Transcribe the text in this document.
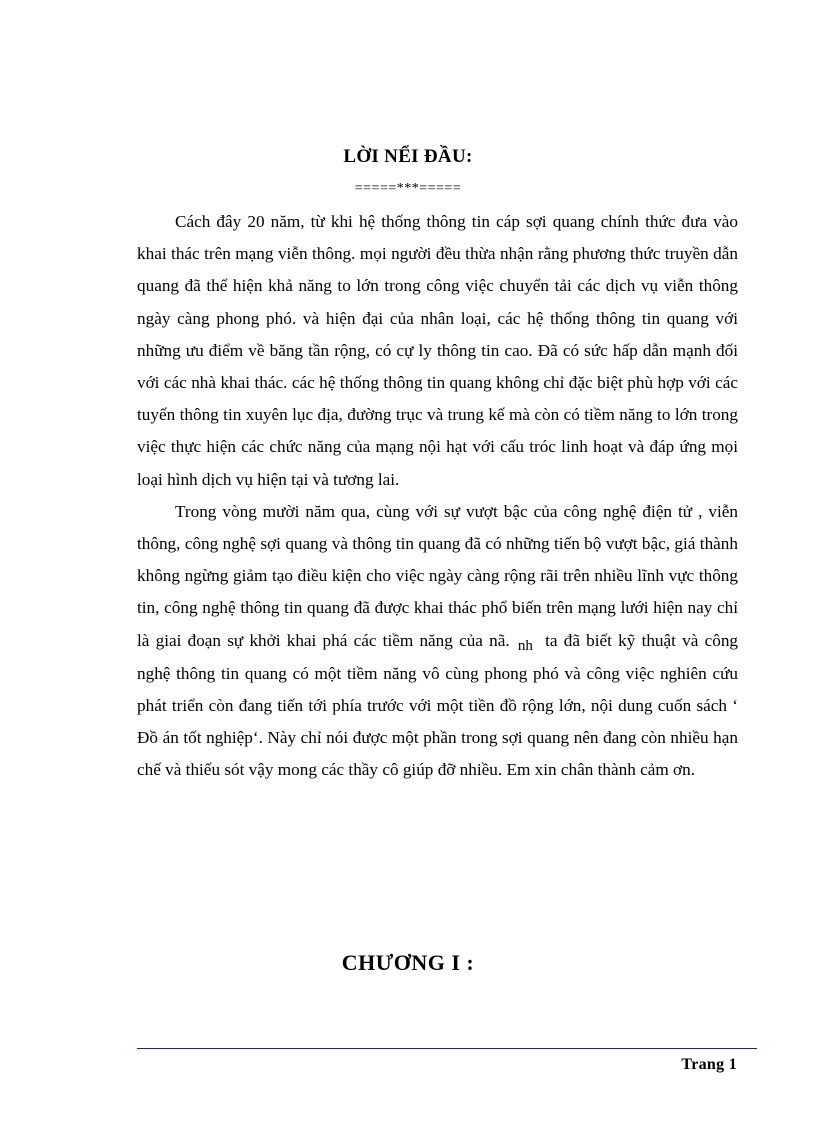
LỜI NỂI ĐẦU:
=====***=====

Cách đây 20 năm, từ khi hệ thống thông tin cáp sợi quang chính thức đưa vào khai thác trên mạng viễn thông. mọi người đều thừa nhận rằng phương thức truyền dẫn quang đã thể hiện khả năng to lớn trong công việc chuyển tải các dịch vụ viễn thông ngày càng phong phó. và hiện đại của nhân loại, các hệ thống thông tin quang với những ưu điểm về băng tần rộng, có cự ly thông tin cao. Đã có sức hấp dẫn mạnh đối với các nhà khai thác. các hệ thống thông tin quang không chỉ đặc biệt phù hợp với các tuyến thông tin xuyên lục địa, đường trục và trung kế mà còn có tiềm năng to lớn trong việc thực hiện các chức năng của mạng nội hạt với cấu tróc linh hoạt và đáp ứng mọi loại hình dịch vụ hiện tại và tương lai.

Trong vòng mười năm qua, cùng với sự vượt bậc của công nghệ điện tử , viễn thông, công nghệ sợi quang và thông tin quang đã có những tiến bộ vượt bậc, giá thành không ngừng giảm tạo điều kiện cho việc ngày càng rộng rãi trên nhiều lĩnh vực thông tin, công nghệ thông tin quang đã được khai thác phổ biến trên mạng lưới hiện nay chỉ là giai đoạn sự khởi khai phá các tiềm năng của nã. nh ta đã biết kỹ thuật và công nghệ thông tin quang có một tiềm năng vô cùng phong phó và công việc nghiên cứu phát triển còn đang tiến tới phía trước với một tiền đồ rộng lớn, nội dung cuốn sách ‘ Đồ án tốt nghiệp‘. Này chỉ nói được một phần trong sợi quang nên đang còn nhiều hạn chế và thiếu sót vậy mong các thầy cô giúp đỡ nhiều. Em xin chân thành cảm ơn.

CHƯƠNG I :
Trang 1
